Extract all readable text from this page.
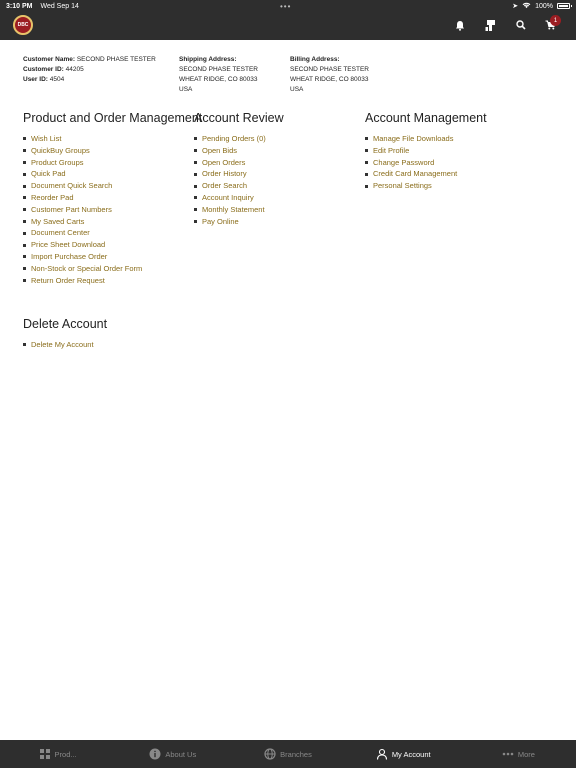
3:10 PM Wed Sep 14	•••	➤ 100%
DBC
1
Customer Name: SECOND PHASE TESTER
Customer ID: 44205
User ID: 4504
Shipping Address:
SECOND PHASE TESTER
WHEAT RIDGE, CO 80033
USA
Billing Address:
SECOND PHASE TESTER
WHEAT RIDGE, CO 80033
USA
Product and Order Management
Wish List
QuickBuy Groups
Product Groups
Quick Pad
Document Quick Search
Reorder Pad
Customer Part Numbers
My Saved Carts
Document Center
Price Sheet Download
Import Purchase Order
Non-Stock or Special Order Form
Return Order Request
Account Review
Pending Orders (0)
Open Bids
Open Orders
Order History
Order Search
Account Inquiry
Monthly Statement
Pay Online
Account Management
Manage File Downloads
Edit Profile
Change Password
Credit Card Management
Personal Settings
Delete Account
Delete My Account
Prod...	About Us	Branches	My Account	More
